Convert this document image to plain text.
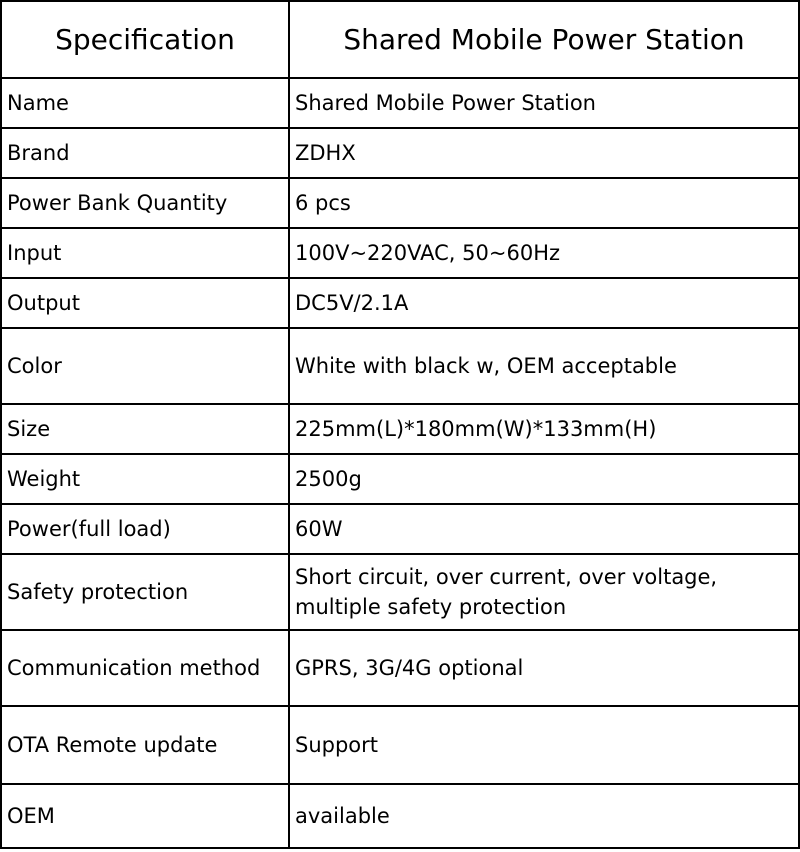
Specification	Shared Mobile Power Station
Name	Shared Mobile Power Station
Brand	ZDHX
Power Bank Quantity	6 pcs
Input	100V~220VAC, 50~60Hz
Output	DC5V/2.1A
Color	White with black w, OEM acceptable
Size	225mm(L)*180mm(W)*133mm(H)
Weight	2500g
Power(full load)	60W
Safety protection	Short circuit, over current, over voltage,
multiple safety protection

Communication method	GPRS, 3G/4G optional
OTA Remote update	Support
OEM	available
